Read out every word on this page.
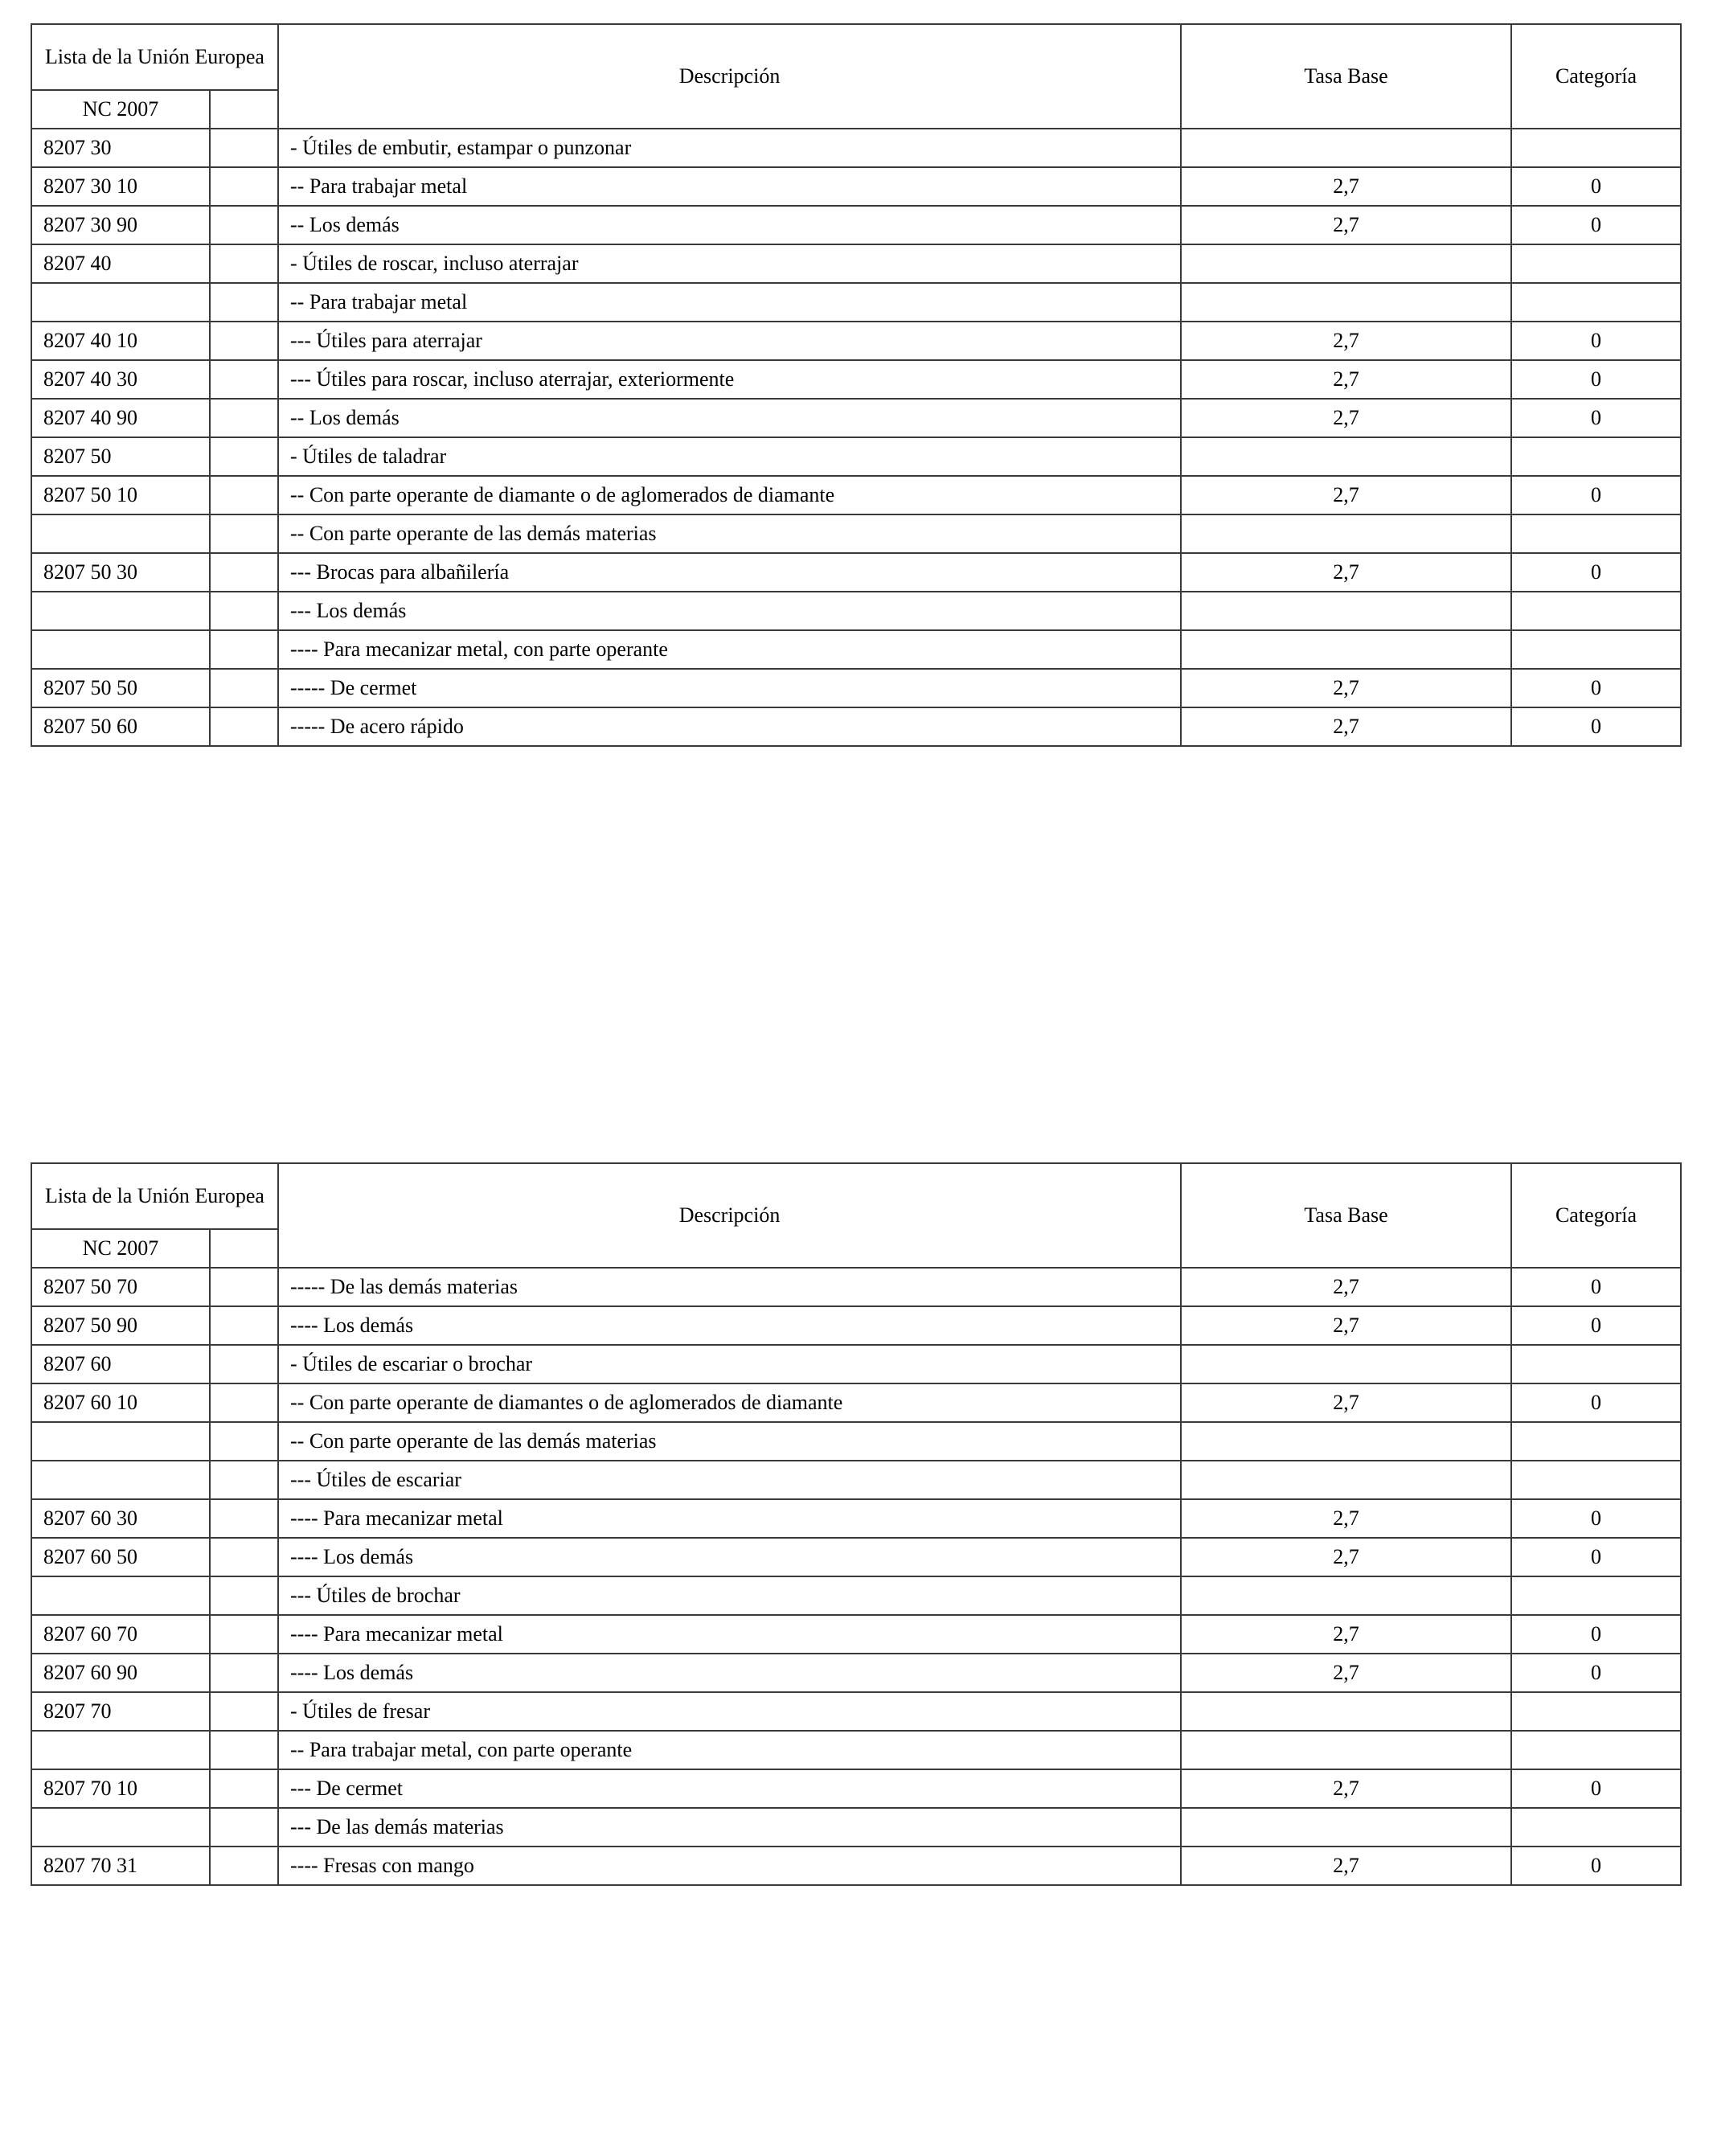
Lista de la Unión Europea		Descripción	Tasa Base	Categoría
NC 2007				
8207 30		- Útiles de embutir, estampar o punzonar		
8207 30 10		-- Para trabajar metal	2,7	0
8207 30 90		-- Los demás	2,7	0
8207 40		- Útiles de roscar, incluso aterrajar		
		-- Para trabajar metal		
8207 40 10		--- Útiles para aterrajar	2,7	0
8207 40 30		--- Útiles para roscar, incluso aterrajar, exteriormente	2,7	0
8207 40 90		-- Los demás	2,7	0
8207 50		- Útiles de taladrar		
8207 50 10		-- Con parte operante de diamante o de aglomerados de diamante	2,7	0
		-- Con parte operante de las demás materias		
8207 50 30		--- Brocas para albañilería	2,7	0
		--- Los demás		
		---- Para mecanizar metal, con parte operante		
8207 50 50		----- De cermet	2,7	0
8207 50 60		----- De acero rápido	2,7	0
Lista de la Unión Europea		Descripción	Tasa Base	Categoría
NC 2007				
8207 50 70		----- De las demás materias	2,7	0
8207 50 90		---- Los demás	2,7	0
8207 60		- Útiles de escariar o brochar		
8207 60 10		-- Con parte operante de diamantes o de aglomerados de diamante	2,7	0
		-- Con parte operante de las demás materias		
		--- Útiles de escariar		
8207 60 30		---- Para mecanizar metal	2,7	0
8207 60 50		---- Los demás	2,7	0
		--- Útiles de brochar		
8207 60 70		---- Para mecanizar metal	2,7	0
8207 60 90		---- Los demás	2,7	0
8207 70		- Útiles de fresar		
		-- Para trabajar metal, con parte operante		
8207 70 10		--- De cermet	2,7	0
		--- De las demás materias		
8207 70 31		---- Fresas con mango	2,7	0
